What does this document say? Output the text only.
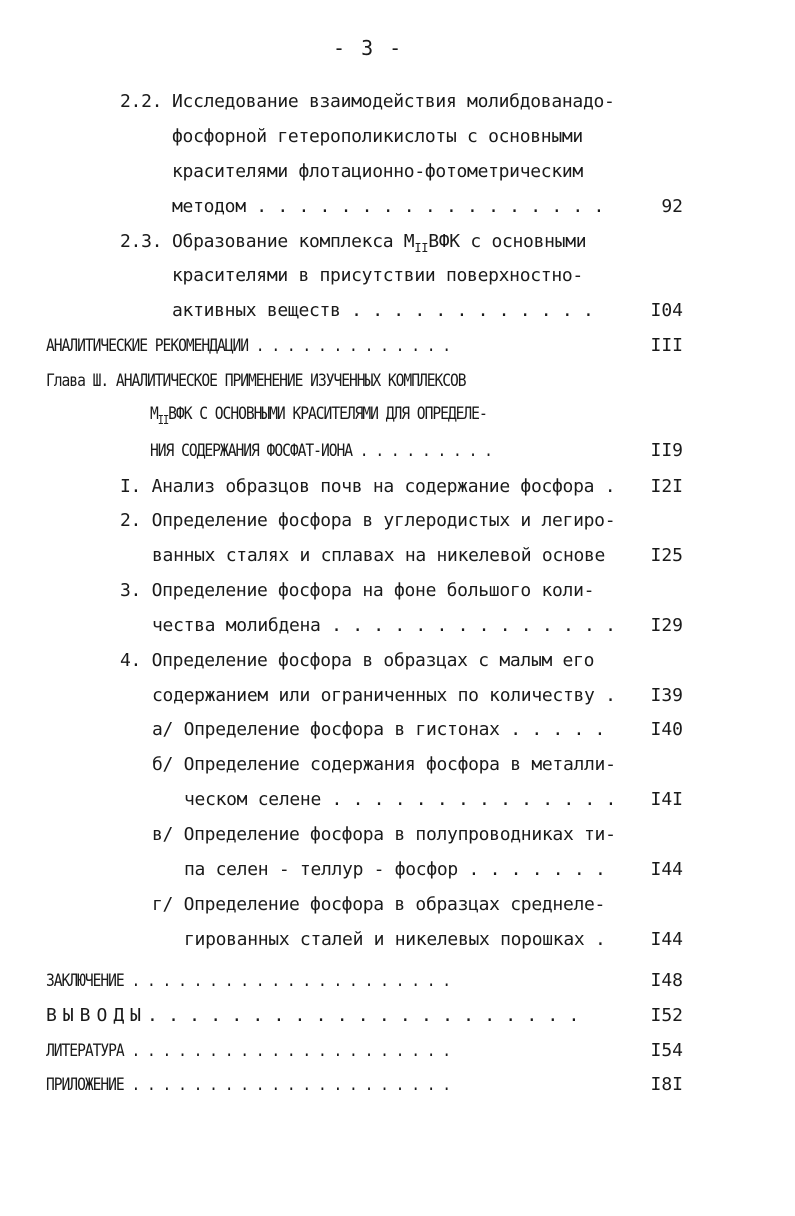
- 3 -
2.2. Исследование взаимодействия молибдованадо-
фосфорной гетерополикислоты с основными
красителями флотационно-фотометрическим
методом . . . . . . . . . . . . . . . . .	92
2.3. Образование комплекса $М_{II}ВФК$ с основными
красителями в присутствии поверхностно-
активных веществ . . . . . . . . . . . .	I04
АНАЛИТИЧЕСКИЕ РЕКОМЕНДАЦИИ . . . . . . . . . . . . .	III
Глава Ш. АНАЛИТИЧЕСКОЕ ПРИМЕНЕНИЕ ИЗУЧЕННЫХ КОМПЛЕКСОВ
$М_{II}ВФК$ С ОСНОВНЫМИ КРАСИТЕЛЯМИ ДЛЯ ОПРЕДЕЛЕ-
НИЯ СОДЕРЖАНИЯ ФОСФАТ-ИОНА . . . . . . . . .	II9
I. Анализ образцов почв на содержание фосфора . I2I
2. Определение фосфора в углеродистых и легиро-
ванных сталях и сплавах на никелевой основе	I25
3. Определение фосфора на фоне большого коли-
чества молибдена . . . . . . . . . . . . . . I29
4. Определение фосфора в образцах с малым его
содержанием или ограниченных по количеству . I39
а/ Определение фосфора в гистонах . . . . .	I40
б/ Определение содержания фосфора в металли-
ческом селене . . . . . . . . . . . . . . I4I
в/ Определение фосфора в полупроводниках ти-
па селен - теллур - фосфор . . . . . . .	I44
г/ Определение фосфора в образцах среднеле-
гированных сталей и никелевых порошках .	I44
ЗАКЛЮЧЕНИЕ . . . . . . . . . . . . . . . . . . . . .	I48
ВЫВОДЫ. . . . . . . . . . . . . . . . . . . . .	I52
ЛИТЕРАТУРА . . . . . . . . . . . . . . . . . . . . .	I54
ПРИЛОЖЕНИЕ . . . . . . . . . . . . . . . . . . . . .	I8I
